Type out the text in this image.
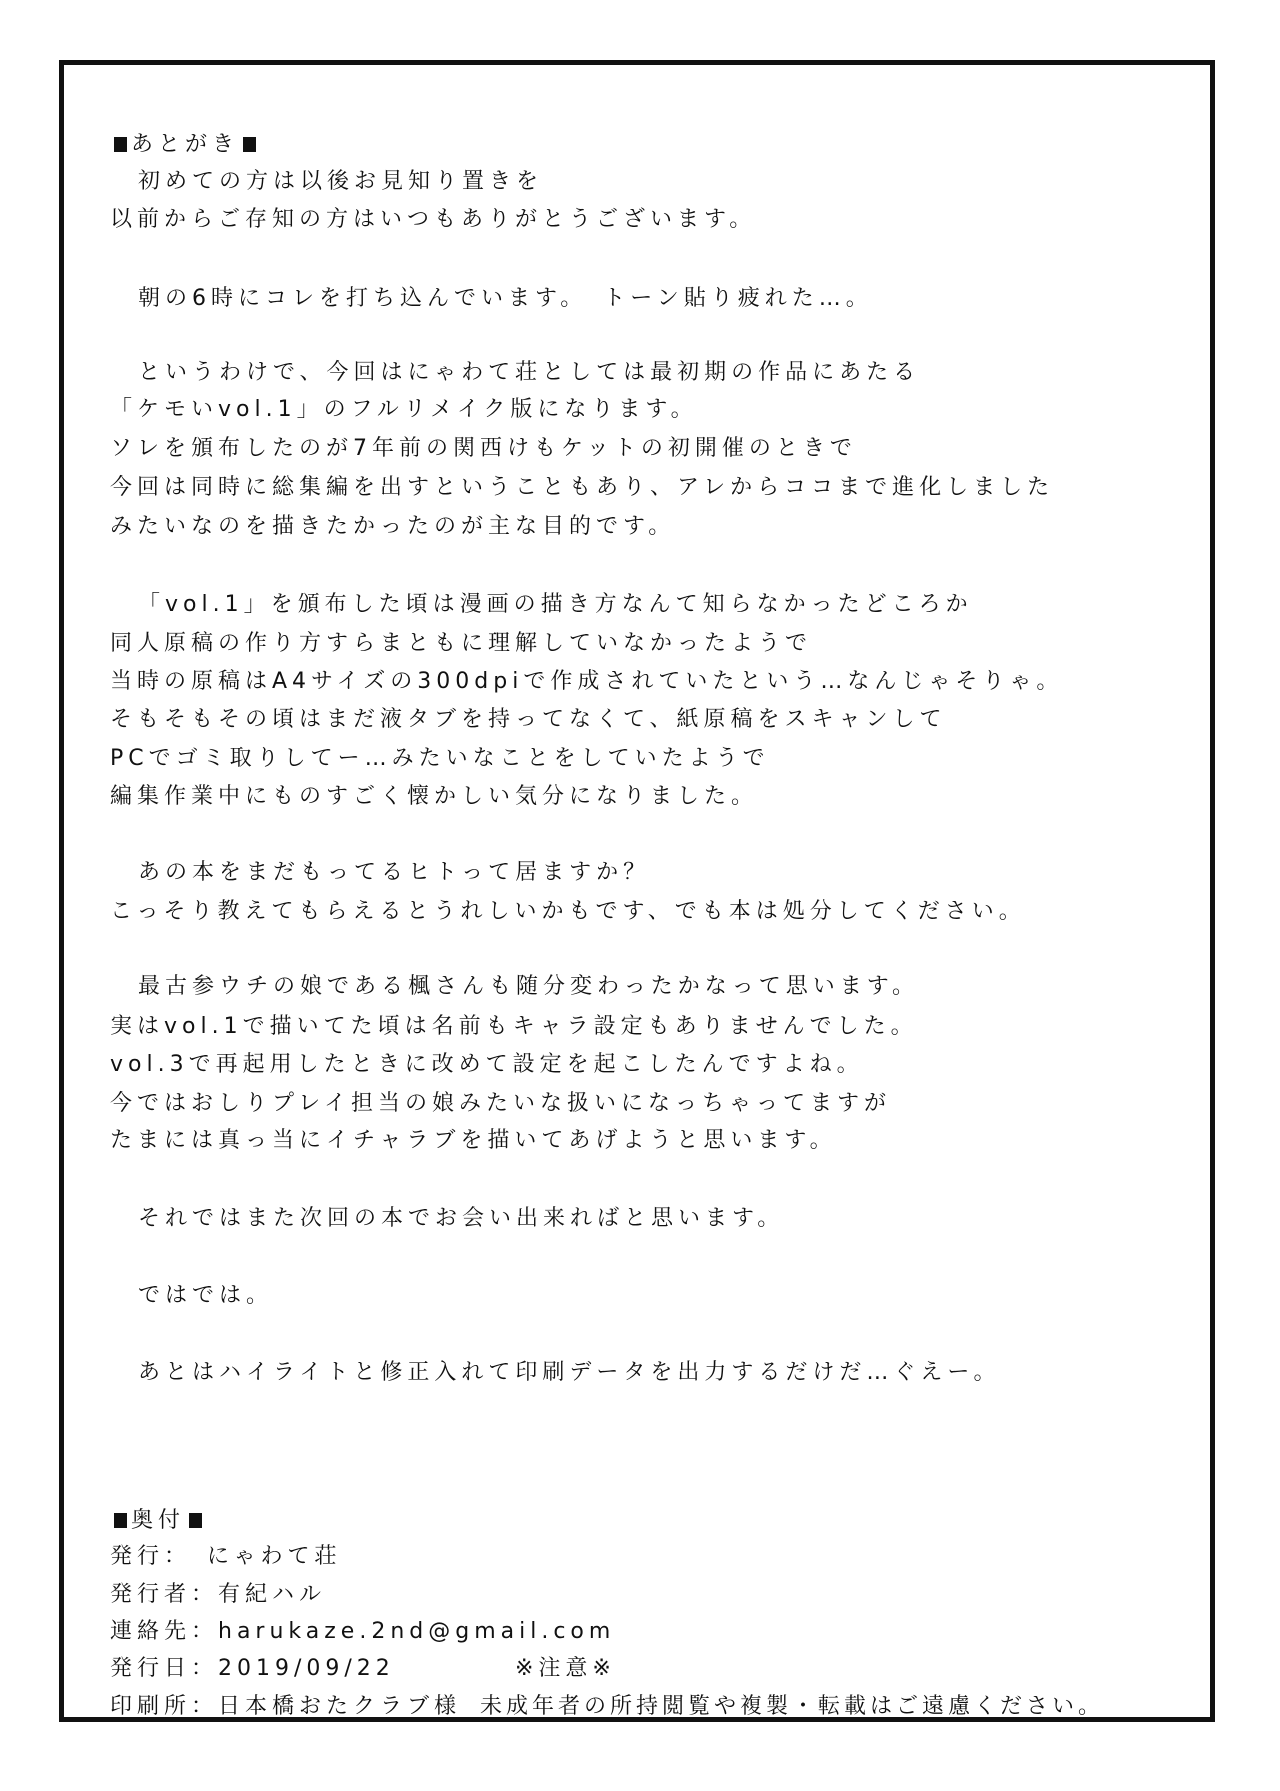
あとがき
初めての方は以後お見知り置きを
以前からご存知の方はいつもありがとうございます。
朝の6時にコレを打ち込んでいます。　トーン貼り疲れた…。
というわけで、今回はにゃわて荘としては最初期の作品にあたる
「ケモいvol.1」のフルリメイク版になります。
ソレを頒布したのが7年前の関西けもケットの初開催のときで
今回は同時に総集編を出すということもあり、アレからココまで進化しました
みたいなのを描きたかったのが主な目的です。
「vol.1」を頒布した頃は漫画の描き方なんて知らなかったどころか
同人原稿の作り方すらまともに理解していなかったようで
当時の原稿はA4サイズの300dpiで作成されていたという…なんじゃそりゃ。
そもそもその頃はまだ液タブを持ってなくて、紙原稿をスキャンして
PCでゴミ取りしてー…みたいなことをしていたようで
編集作業中にものすごく懐かしい気分になりました。
あの本をまだもってるヒトって居ますか？
こっそり教えてもらえるとうれしいかもです、でも本は処分してください。
最古参ウチの娘である楓さんも随分変わったかなって思います。
実はvol.1で描いてた頃は名前もキャラ設定もありませんでした。
vol.3で再起用したときに改めて設定を起こしたんですよね。
今ではおしりプレイ担当の娘みたいな扱いになっちゃってますが
たまには真っ当にイチャラブを描いてあげようと思います。
それではまた次回の本でお会い出来ればと思います。
ではでは。
あとはハイライトと修正入れて印刷データを出力するだけだ…ぐえー。
奥付
発行：　にゃわて荘
発行者：有紀ハル
連絡先：harukaze.2nd@gmail.com
発行日：2019/09/22	※注意※
印刷所：日本橋おたクラブ様 未成年者の所持閲覧や複製・転載はご遠慮ください。
